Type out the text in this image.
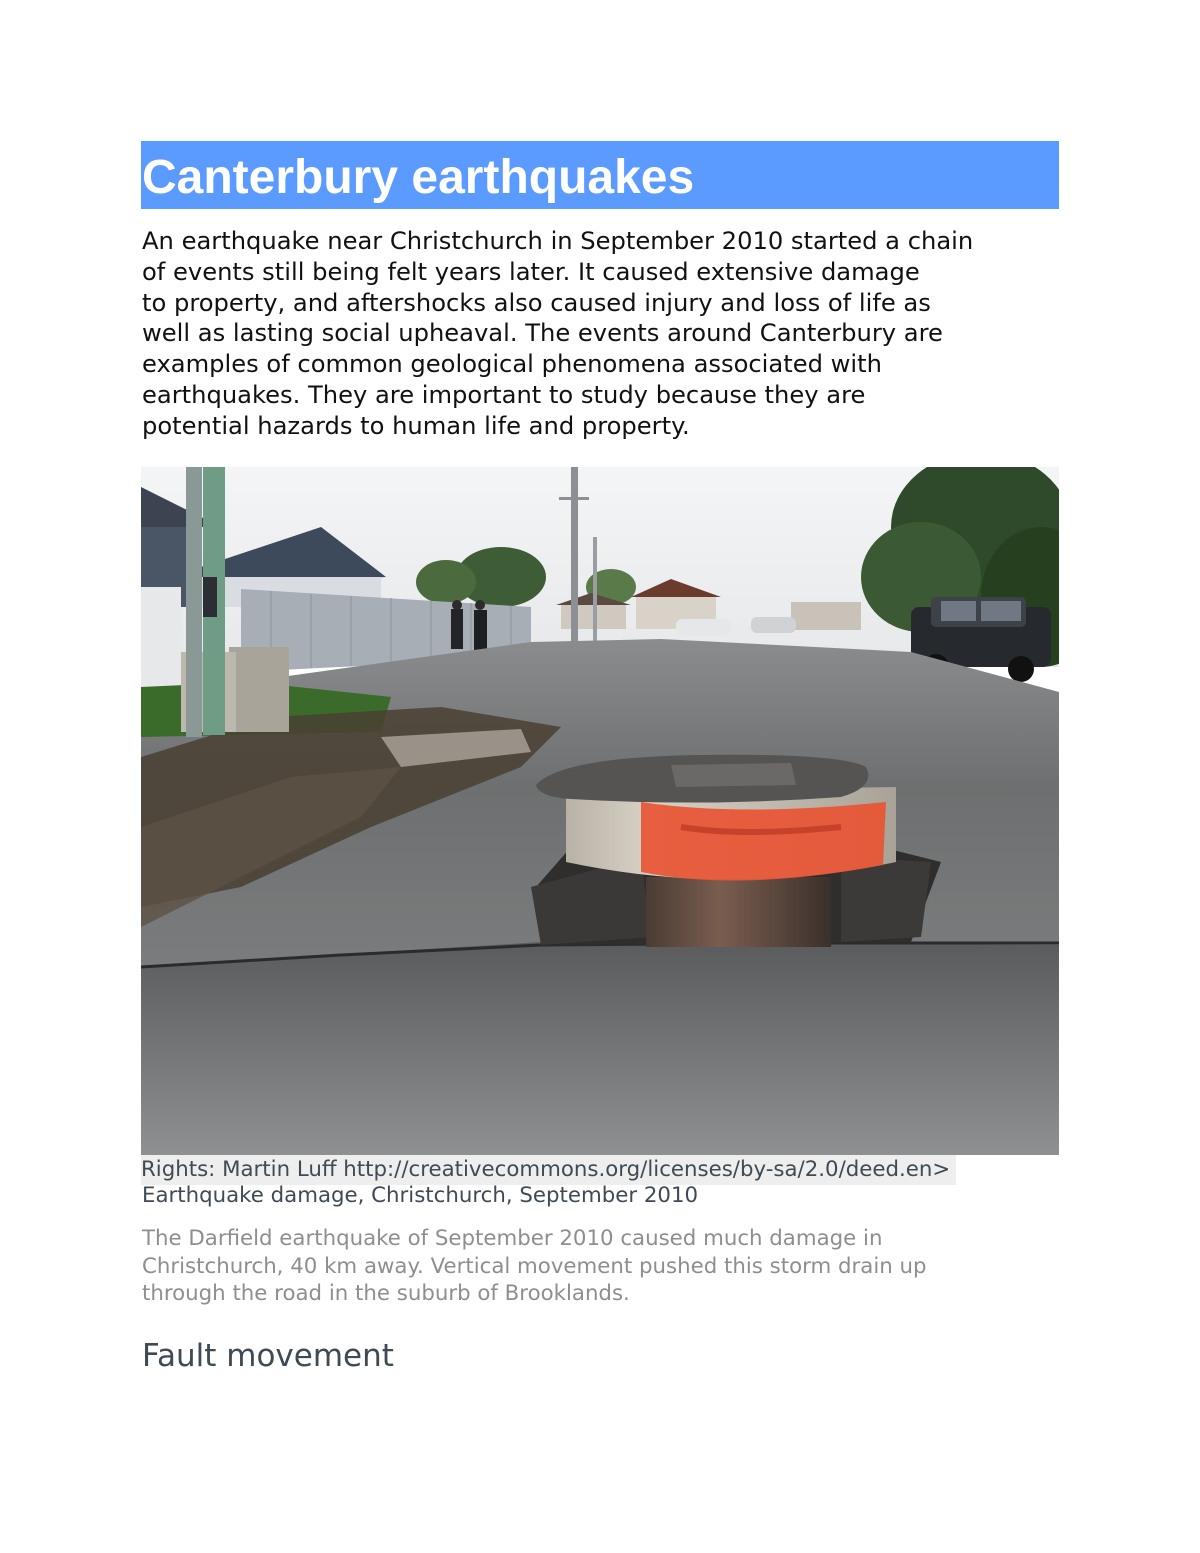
Canterbury earthquakes
An earthquake near Christchurch in September 2010 started a chain
of events still being felt years later. It caused extensive damage
to property, and aftershocks also caused injury and loss of life as
well as lasting social upheaval. The events around Canterbury are
examples of common geological phenomena associated with
earthquakes. They are important to study because they are
potential hazards to human life and property.
Rights: Martin Luff http://creativecommons.org/licenses/by-sa/2.0/deed.en>
Earthquake damage, Christchurch, September 2010
The Darfield earthquake of September 2010 caused much damage in
Christchurch, 40 km away. Vertical movement pushed this storm drain up
through the road in the suburb of Brooklands.
Fault movement
